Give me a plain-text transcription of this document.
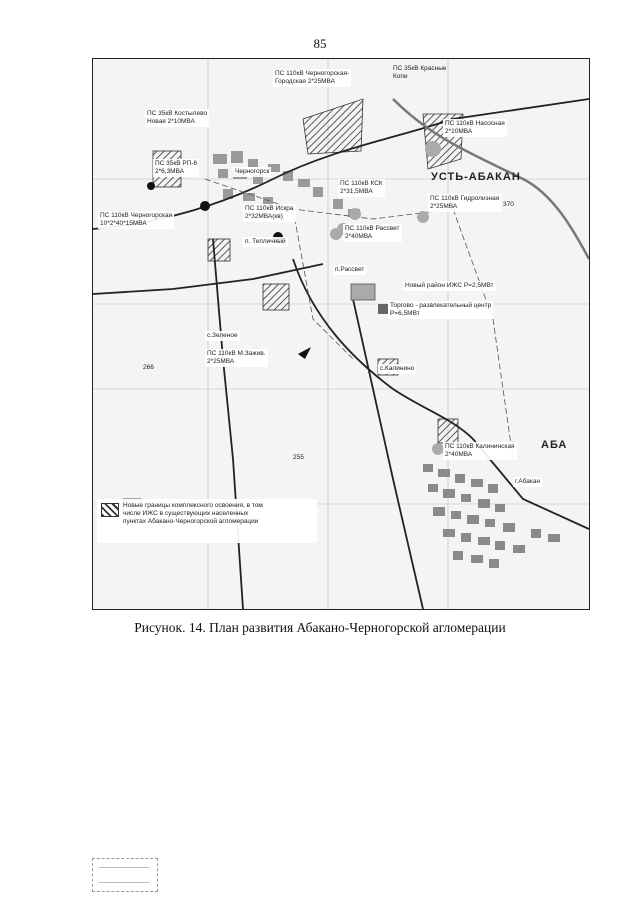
85
ПС 110кВ Черногорская-
Городская 2*25МВА
ПС 35кВ Красные
Копи
ПС 35кВ Костылево
Новая 2*10МВА
ПС 35кВ РП-6
2*6,3МВА	Черногорск
ПС 110кВ Искра
2*32МВА(кв)
ПС 110кВ КСК
2*31,5МВА
ПС 110кВ Насосная
2*10МВА
ПС 110кВ Черногорская
10*2*40*15МВА
УСТЬ-АБАКАН
ПС 110кВ Гидролизная
2*25МВА
ПС 110кВ Рассвет
2*40МВА
п. Тепличный
п.Рассвет
Новый район ИЖС Р=2,5МВт
Торгово - развлекательный центр
Р=6,5МВт
с.Зеленое
ПС 110кВ М.Зажив.
2*25МВА
с.Калинино
ПС 110кВ Калининская
2*40МВА
г.Абакан
АБА
370
255
266
Новые границы комплексного освоения, в том
числе ИЖС в существующих населенных
пунктах Абакано-Черногорской агломерации
Рисунок. 14. План развития Абакано-Черногорской агломерации
